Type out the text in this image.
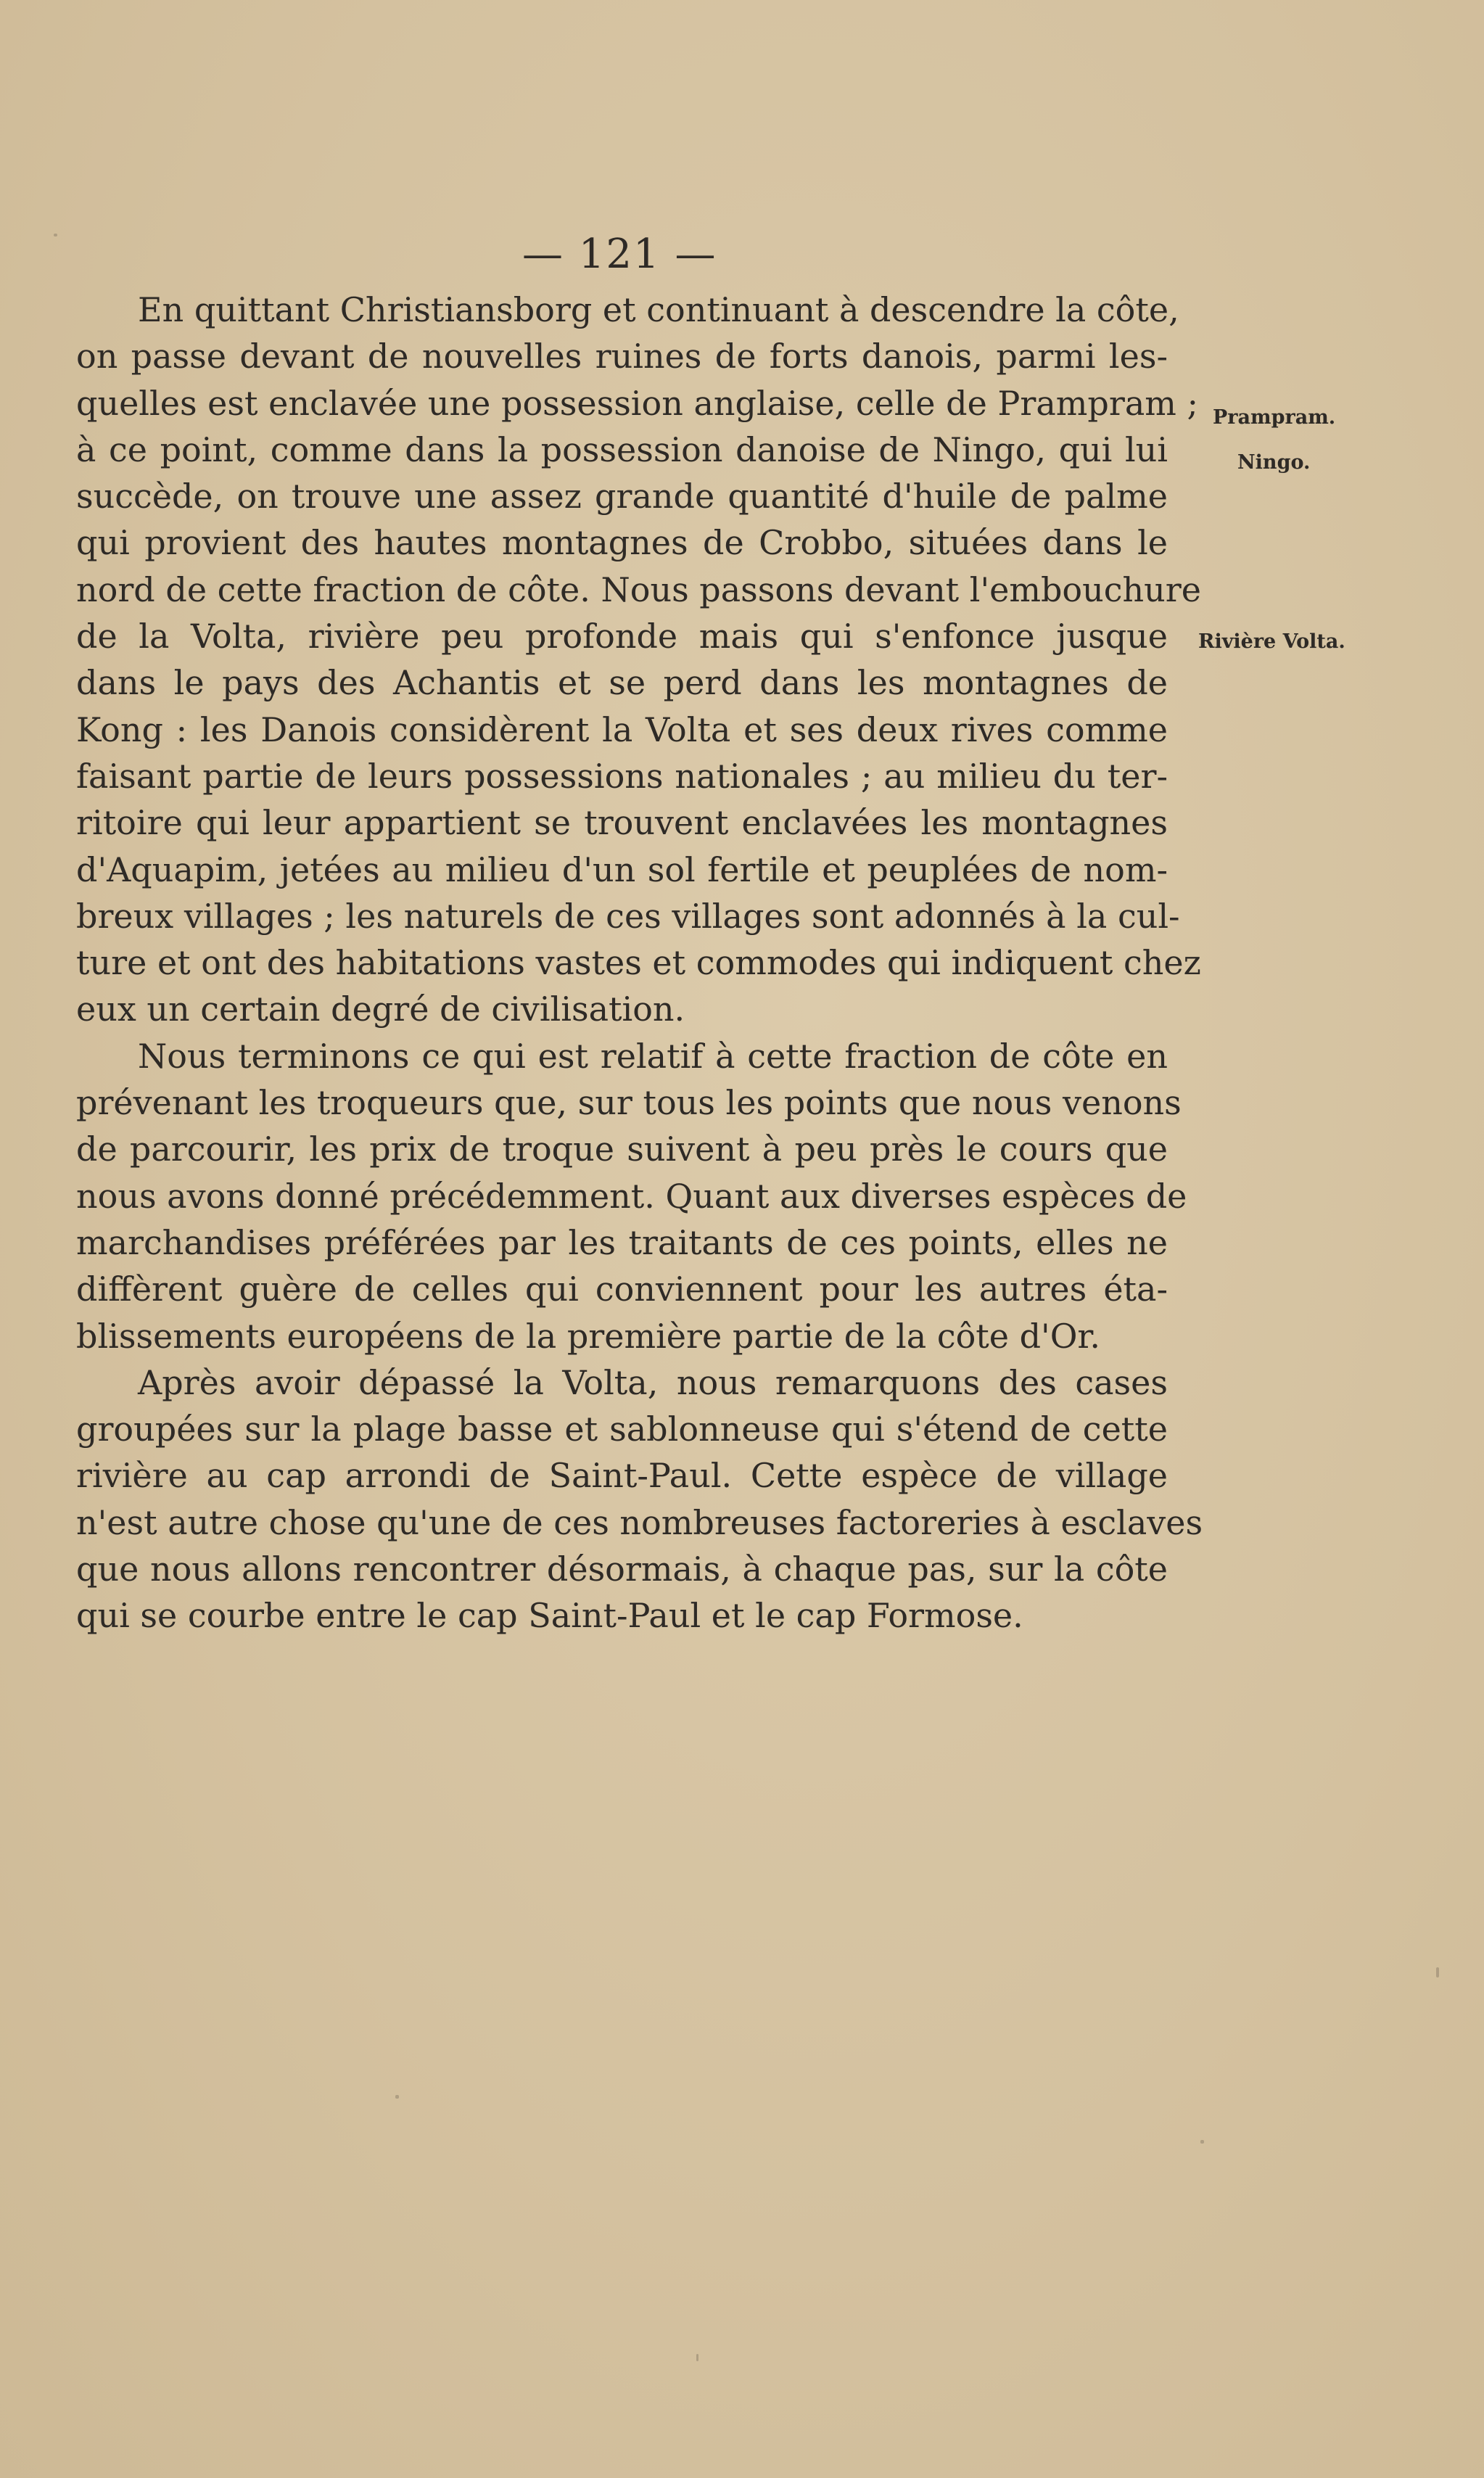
— 121 —
En quittant Christiansborg et continuant à descendre la côte,
on passe devant de nouvelles ruines de forts danois, parmi les-
quelles est enclavée une possession anglaise, celle de Prampram ;
à ce point, comme dans la possession danoise de Ningo, qui lui
succède, on trouve une assez grande quantité d'huile de palme
qui provient des hautes montagnes de Crobbo, situées dans le
nord de cette fraction de côte. Nous passons devant l'embouchure
de la Volta, rivière peu profonde mais qui s'enfonce jusque
dans le pays des Achantis et se perd dans les montagnes de
Kong : les Danois considèrent la Volta et ses deux rives comme
faisant partie de leurs possessions nationales ; au milieu du ter-
ritoire qui leur appartient se trouvent enclavées les montagnes
d'Aquapim, jetées au milieu d'un sol fertile et peuplées de nom-
breux villages ; les naturels de ces villages sont adonnés à la cul-
ture et ont des habitations vastes et commodes qui indiquent chez
eux un certain degré de civilisation.
Nous terminons ce qui est relatif à cette fraction de côte en
prévenant les troqueurs que, sur tous les points que nous venons
de parcourir, les prix de troque suivent à peu près le cours que
nous avons donné précédemment. Quant aux diverses espèces de
marchandises préférées par les traitants de ces points, elles ne
diffèrent guère de celles qui conviennent pour les autres éta-
blissements européens de la première partie de la côte d'Or.
Après avoir dépassé la Volta, nous remarquons des cases
groupées sur la plage basse et sablonneuse qui s'étend de cette
rivière au cap arrondi de Saint-Paul. Cette espèce de village
n'est autre chose qu'une de ces nombreuses factoreries à esclaves
que nous allons rencontrer désormais, à chaque pas, sur la côte
qui se courbe entre le cap Saint-Paul et le cap Formose.
Prampram.
Ningo.
Rivière Volta.
